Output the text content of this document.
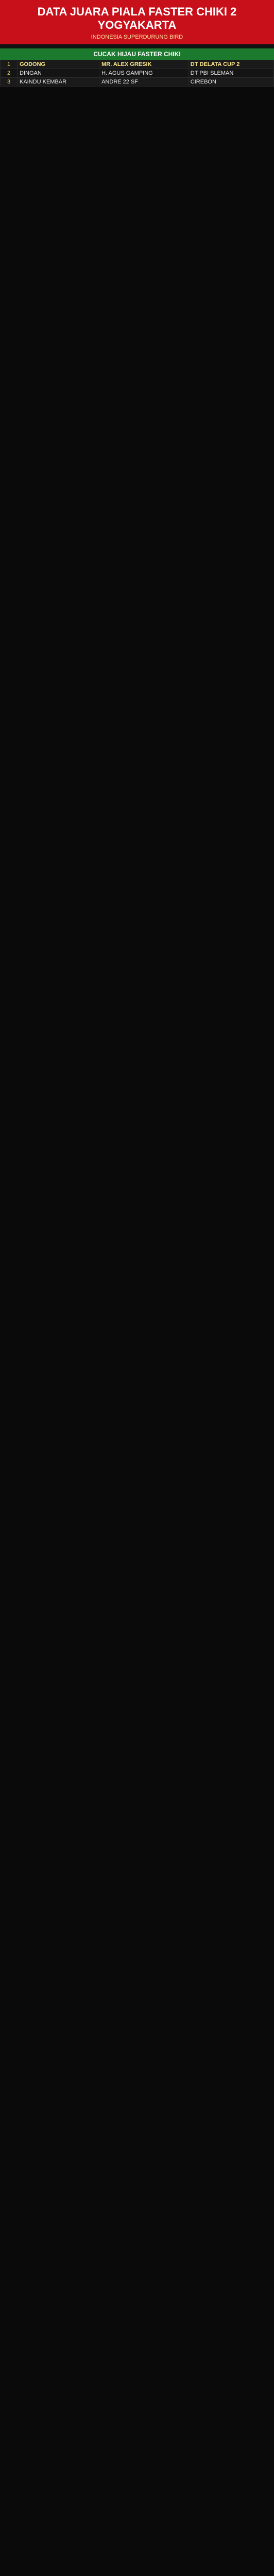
DATA JUARA PIALA FASTER CHIKI 2 YOGYAKARTA
INDONESIA SUPERDURUNG BIRD
CUCAK HIJAU FASTER CHIKI
1	GODONG	MR. ALEX GRESIK	DT DELATA CUP 2
2	DINGAN	H. AGUS GAMPING	DT PBI SLEMAN
3	KAINDU KEMBAR	ANDRE 22 SF	CIREBON
